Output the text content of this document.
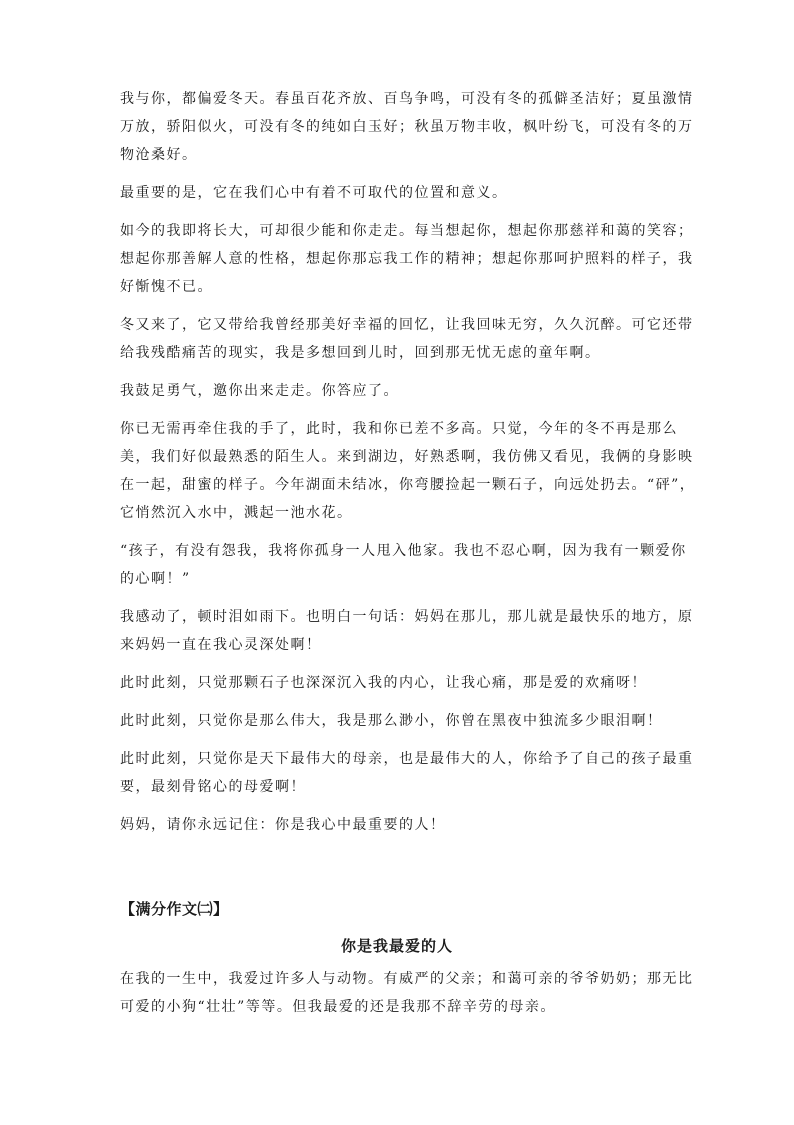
我与你，都偏爱冬天。春虽百花齐放、百鸟争鸣，可没有冬的孤僻圣洁好；夏虽激情万放，骄阳似火，可没有冬的纯如白玉好；秋虽万物丰收，枫叶纷飞，可没有冬的万物沧桑好。

最重要的是，它在我们心中有着不可取代的位置和意义。

如今的我即将长大，可却很少能和你走走。每当想起你，想起你那慈祥和蔼的笑容；想起你那善解人意的性格，想起你那忘我工作的精神；想起你那呵护照料的样子，我好惭愧不已。

冬又来了，它又带给我曾经那美好幸福的回忆，让我回味无穷，久久沉醉。可它还带给我残酷痛苦的现实，我是多想回到儿时，回到那无忧无虑的童年啊。

我鼓足勇气，邀你出来走走。你答应了。

你已无需再牵住我的手了，此时，我和你已差不多高。只觉，今年的冬不再是那么美，我们好似最熟悉的陌生人。来到湖边，好熟悉啊，我仿佛又看见，我俩的身影映在一起，甜蜜的样子。今年湖面未结冰，你弯腰捡起一颗石子，向远处扔去。“砰”，它悄然沉入水中，溅起一池水花。

“孩子，有没有怨我，我将你孤身一人甩入他家。我也不忍心啊，因为我有一颗爱你的心啊！”

我感动了，顿时泪如雨下。也明白一句话：妈妈在那儿，那儿就是最快乐的地方，原来妈妈一直在我心灵深处啊！

此时此刻，只觉那颗石子也深深沉入我的内心，让我心痛，那是爱的欢痛呀！

此时此刻，只觉你是那么伟大，我是那么渺小，你曾在黑夜中独流多少眼泪啊！

此时此刻，只觉你是天下最伟大的母亲，也是最伟大的人，你给予了自己的孩子最重要，最刻骨铭心的母爱啊！

妈妈，请你永远记住：你是我心中最重要的人！

【满分作文㈡】
你是我最爱的人

在我的一生中，我爱过许多人与动物。有威严的父亲；和蔼可亲的爷爷奶奶；那无比可爱的小狗“壮壮”等等。但我最爱的还是我那不辞辛劳的母亲。
